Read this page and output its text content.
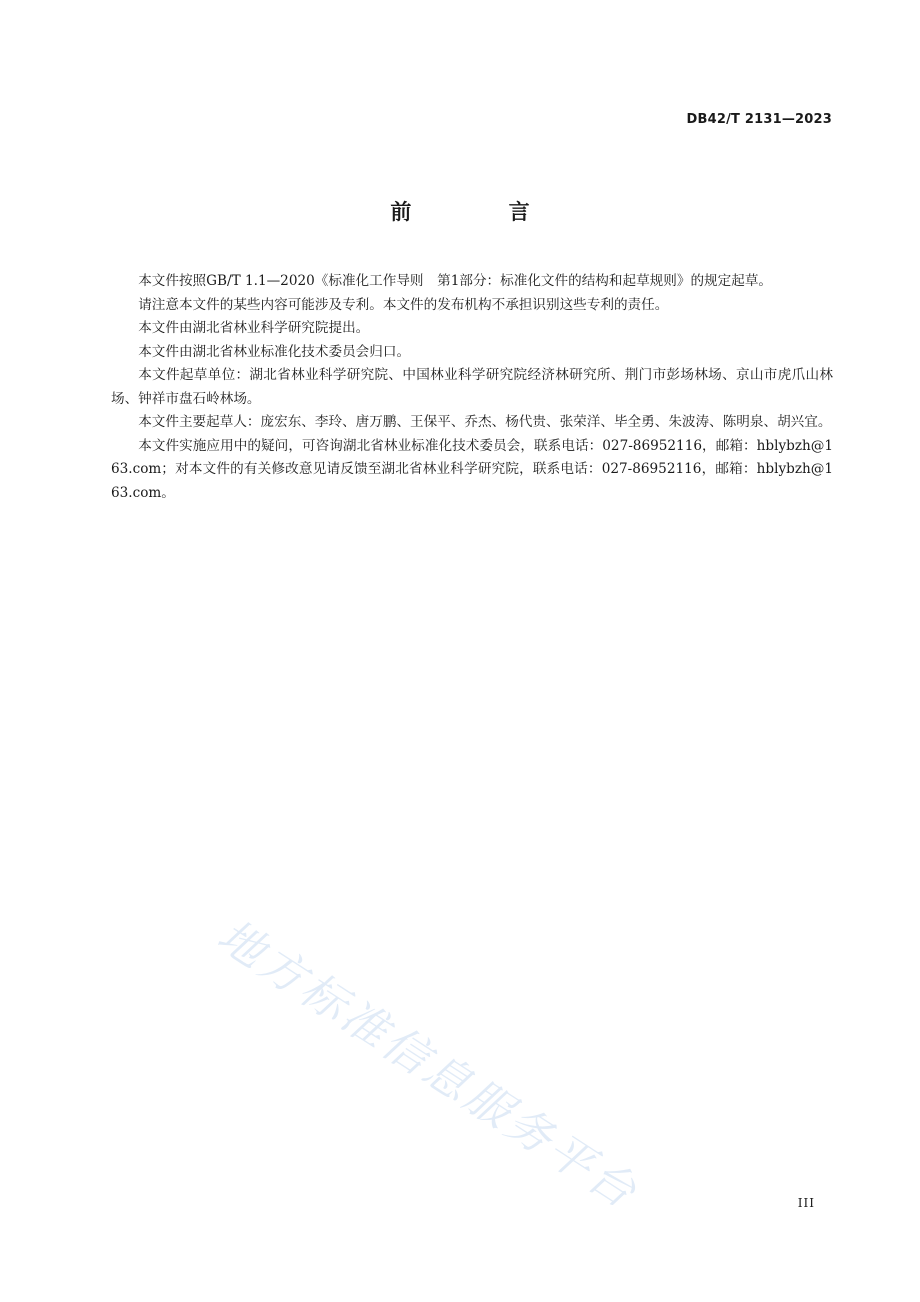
DB42/T 2131—2023
前 言

本文件按照GB/T 1.1—2020《标准化工作导则　第1部分：标准化文件的结构和起草规则》的规定起草。

请注意本文件的某些内容可能涉及专利。本文件的发布机构不承担识别这些专利的责任。

本文件由湖北省林业科学研究院提出。

本文件由湖北省林业标准化技术委员会归口。

本文件起草单位：湖北省林业科学研究院、中国林业科学研究院经济林研究所、荆门市彭场林场、京山市虎爪山林场、钟祥市盘石岭林场。

本文件主要起草人：庞宏东、李玲、唐万鹏、王保平、乔杰、杨代贵、张荣洋、毕全勇、朱波涛、陈明泉、胡兴宜。

本文件实施应用中的疑问，可咨询湖北省林业标准化技术委员会，联系电话：027-86952116，邮箱：hblybzh@163.com；对本文件的有关修改意见请反馈至湖北省林业科学研究院，联系电话：027-86952116，邮箱：hblybzh@163.com。

地方标准信息服务平台	III
